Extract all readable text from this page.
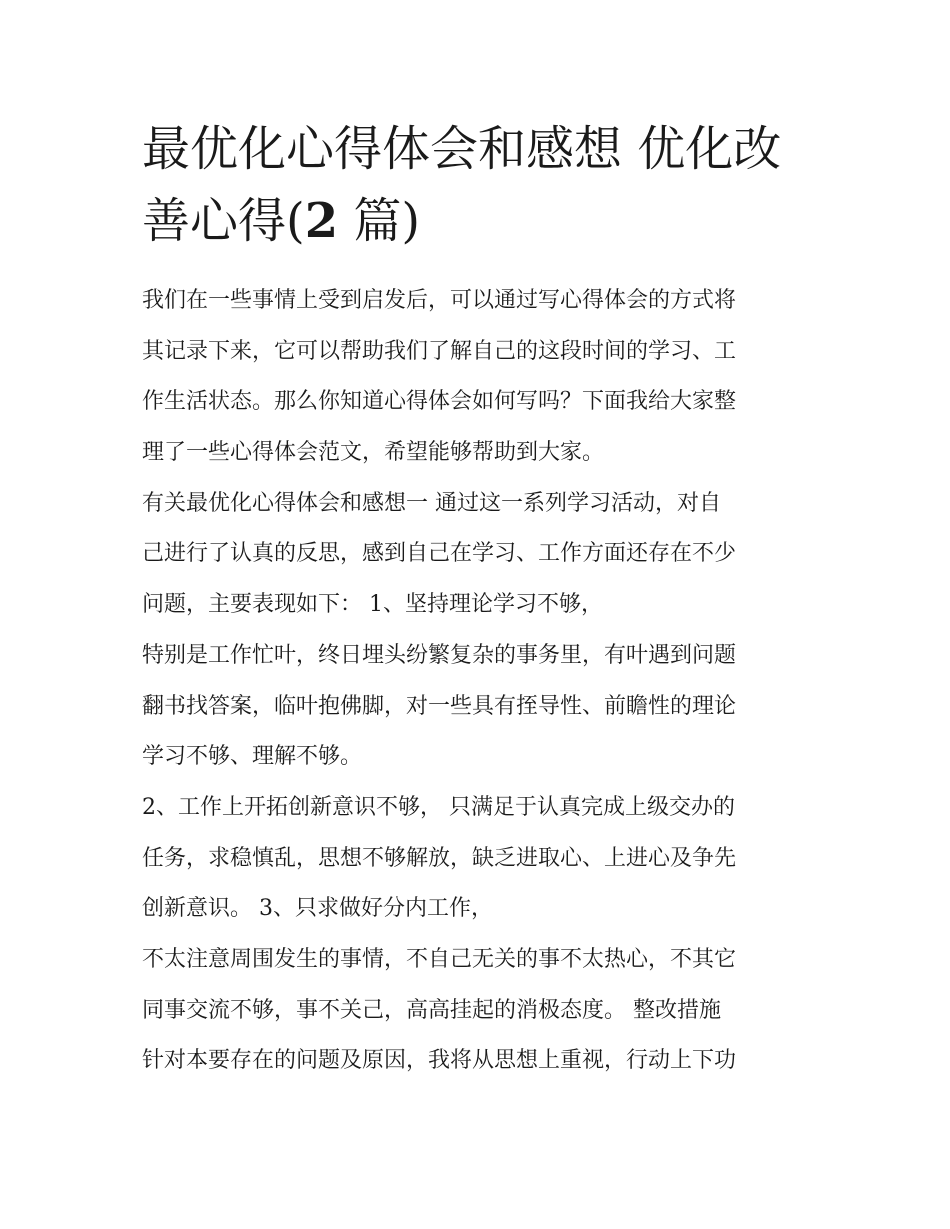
最优化心得体会和感想 优化改
善心得(2 篇)
我们在一些事情上受到启发后，可以通过写心得体会的方式将
其记录下来，它可以帮助我们了解自己的这段时间的学习、工
作生活状态。那么你知道心得体会如何写吗？下面我给大家整
理了一些心得体会范文，希望能够帮助到大家。
有关最优化心得体会和感想一 通过这一系列学习活动，对自
己进行了认真的反思，感到自己在学习、工作方面还存在不少
问题，主要表现如下： 1、坚持理论学习不够，
特别是工作忙叶，终日埋头纷繁复杂的事务里，有叶遇到问题
翻书找答案，临叶抱佛脚，对一些具有挃导性、前瞻性的理论
学习不够、理解不够。
2、工作上开拓创新意识不够， 只满足于认真完成上级交办的
任务，求稳慎乱，思想不够解放，缺乏进取心、上进心及争先
创新意识。 3、只求做好分内工作，
不太注意周围发生的事情，不自己无关的事不太热心，不其它
同事交流不够，事不关己，高高挂起的消极态度。 整改措施
针对本要存在的问题及原因，我将从思想上重视，行动上下功
